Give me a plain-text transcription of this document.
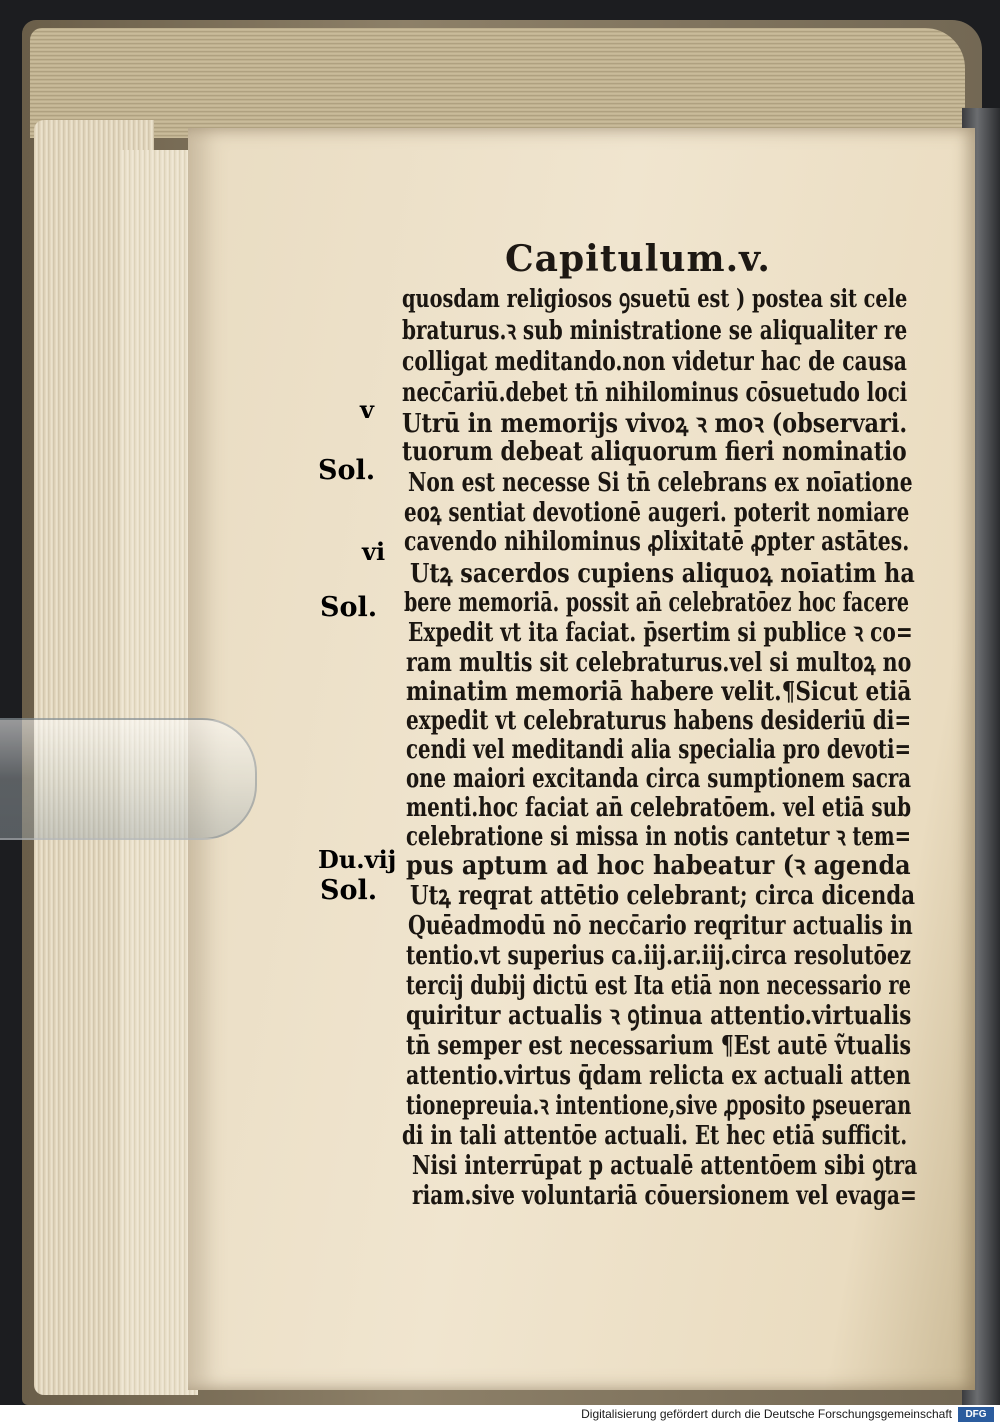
Capitulum.v.
v
Sol.
vi
Sol.
Du.vij
Sol.
quosdam religiosos ꝯsuetū est ) postea sit cele
braturus.ꝛ sub ministratione se aliqualiter re
colligat meditando.non videtur hac de causa
necc̄ariū.debet tn̄ nihilominus cōsuetudo loci
Utrū in memorijs vivoꝝ ꝛ moꝛ (observari.
tuorum debeat aliquorum fieri nominatio
Non est necesse Si tn̄ celebrans ex noīatione
eoꝝ sentiat devotionē augeri. poterit nomiare
cavendo nihilominus ꝓlixitatē ꝓpter astātes.
Utꝝ sacerdos cupiens aliquoꝝ noīatim ha
bere memoriā. possit an̄ celebratōez hoc facere
Expedit vt ita faciat. p̄sertim si publice ꝛ co=
ram multis sit celebraturus.vel si multoꝝ no
minatim memoriā habere velit.¶Sicut etiā
expedit vt celebraturus habens desideriū di=
cendi vel meditandi alia specialia pro devoti=
one maiori excitanda circa sumptionem sacra
menti.hoc faciat an̄ celebratōem. vel etiā sub
celebratione si missa in notis cantetur ꝛ tem=
pus aptum ad hoc habeatur (ꝛ agenda
Utꝝ reqrat attētio celebrant; circa dicenda
Quēadmodū nō necc̄ario reqritur actualis in
tentio.vt superius ca.iij.ar.iij.circa resolutōez
tercij dubij dictū est Ita etiā non necessario re
quiritur actualis ꝛ ꝯtinua attentio.virtualis
tn̄ semper est necessarium ¶Est autē ṽtualis
attentio.virtus q̄dam relicta ex actuali atten
tionepreuia.ꝛ intentione,sive ꝓposito ꝑseueran
di in tali attentōe actuali. Et hec etiā sufficit.
Nisi interrūpat p actualē attentōem sibi ꝯtra
riam.sive voluntariā cōuersionem vel evaga=
Digitalisierung gefördert durch die Deutsche Forschungsgemeinschaft	DFG
